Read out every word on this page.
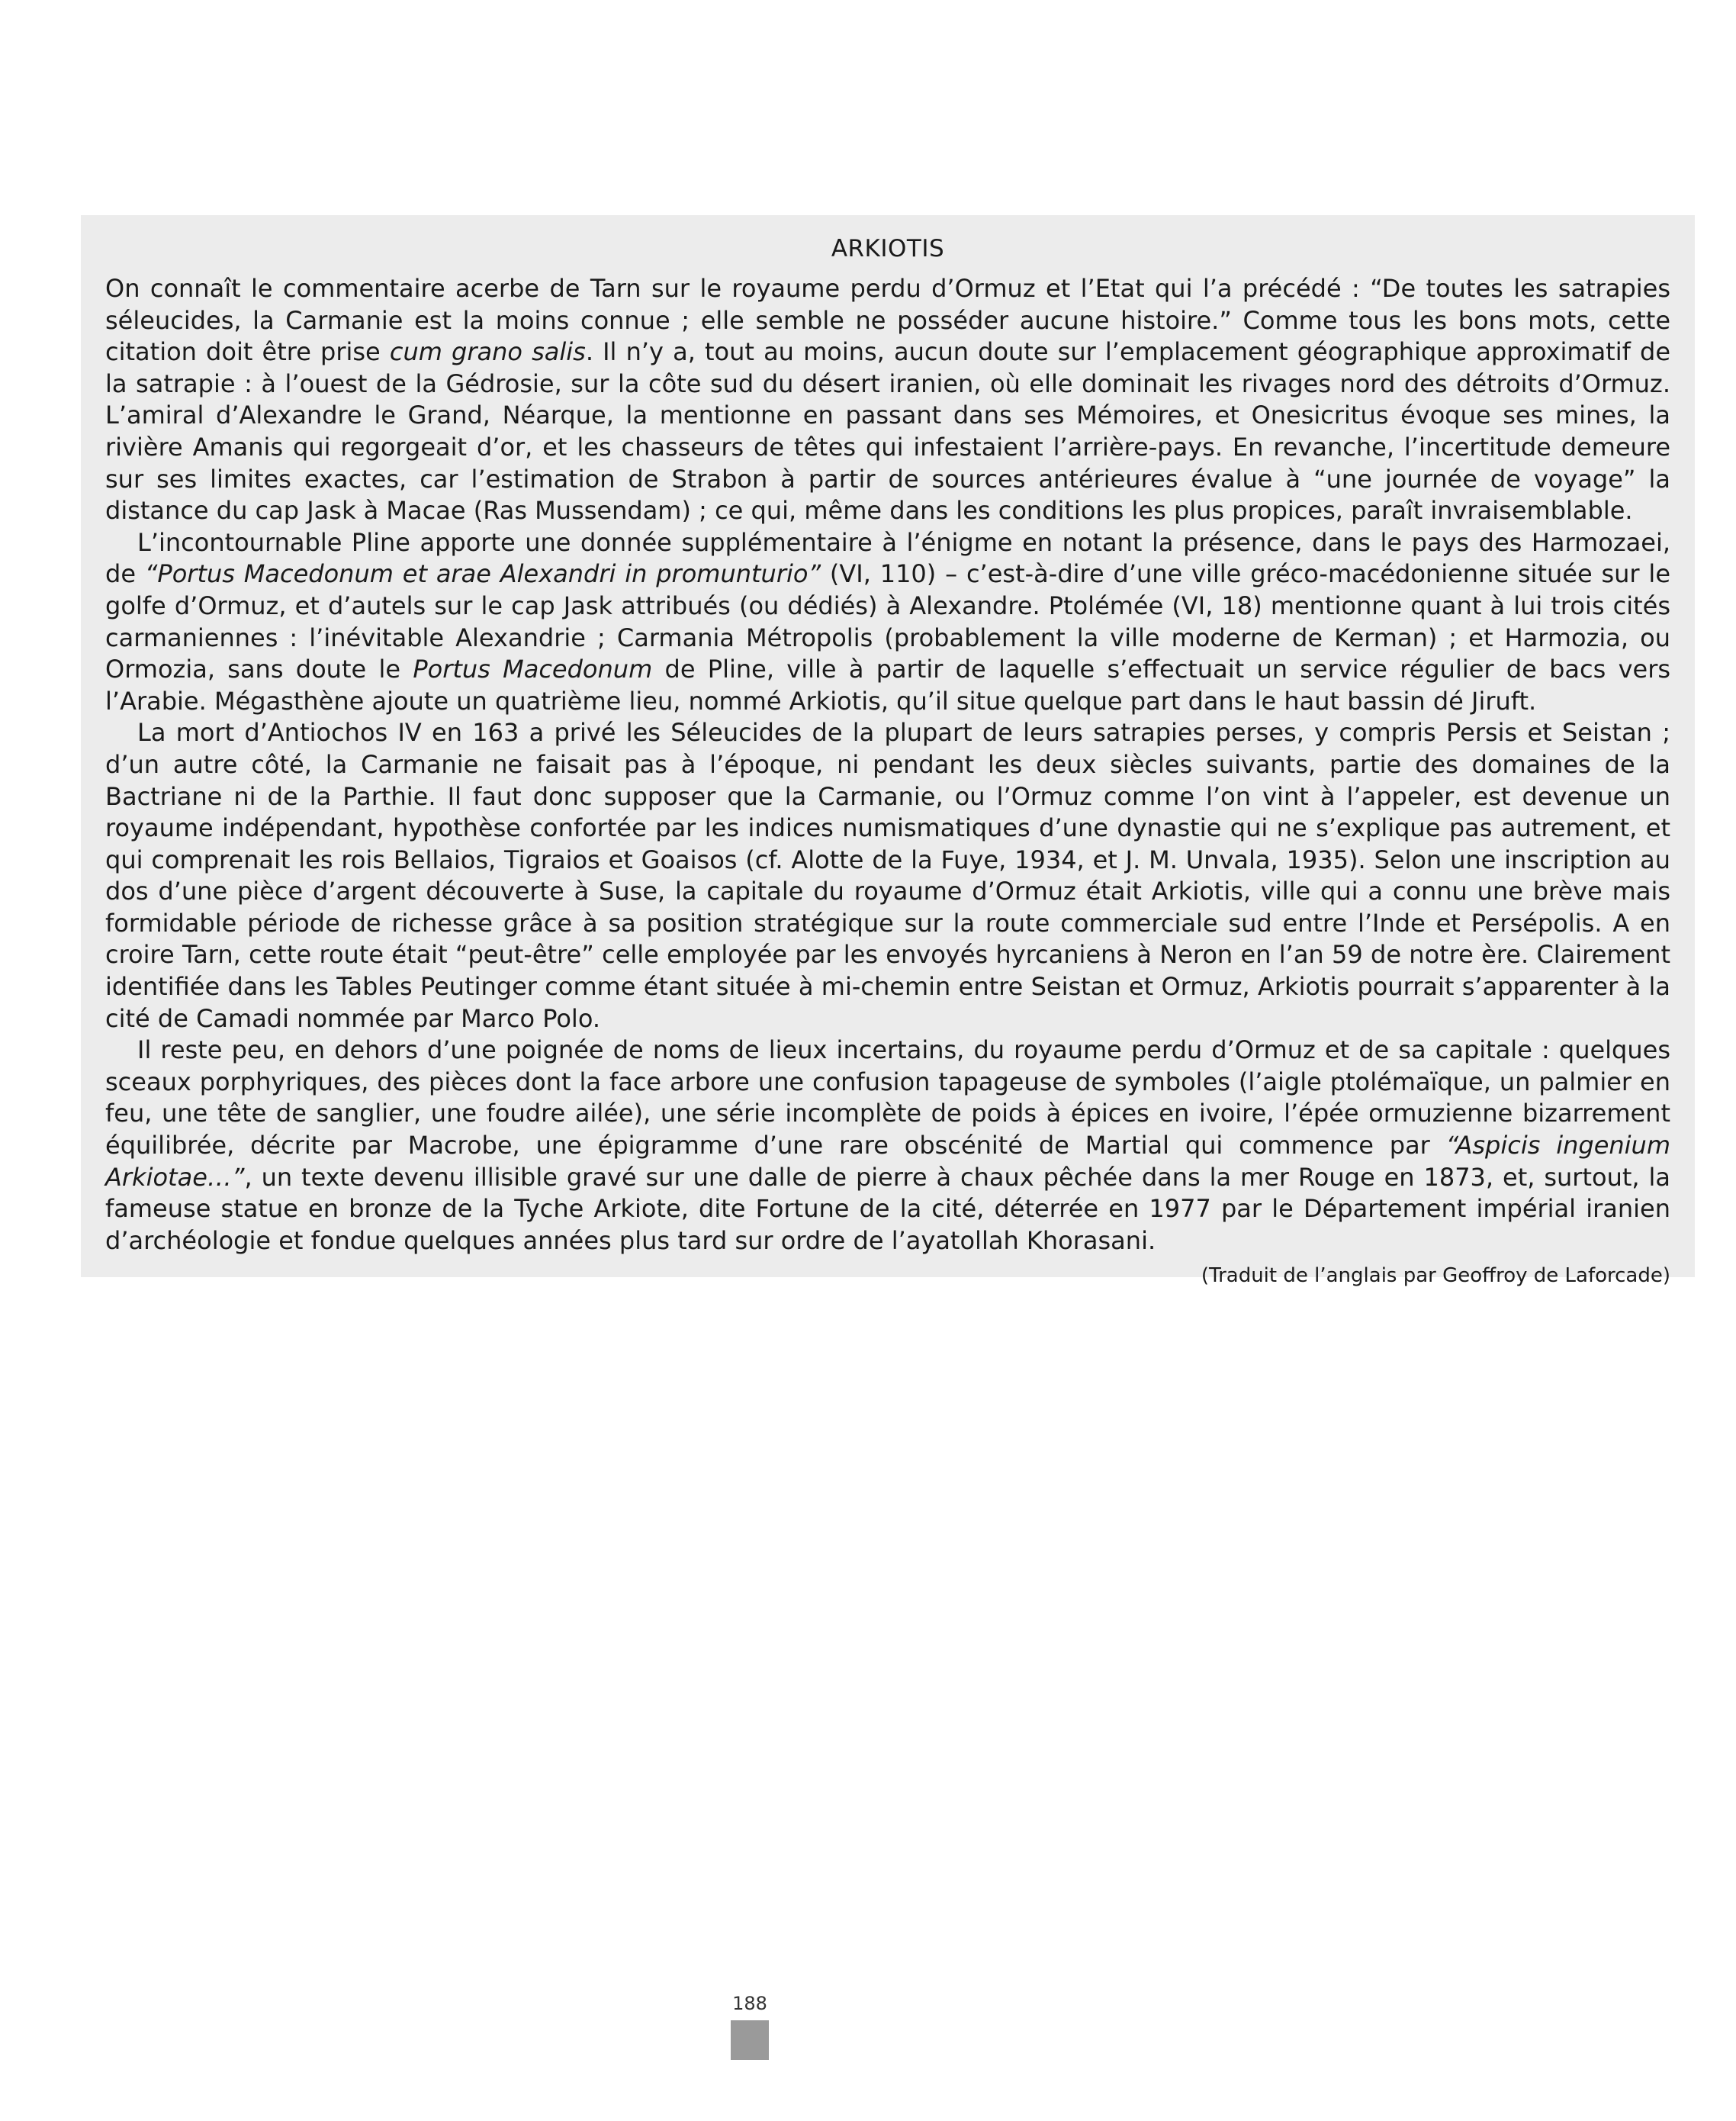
ARKIOTIS

On connaît le commentaire acerbe de Tarn sur le royaume perdu d’Ormuz et l’Etat qui l’a précédé : “De toutes les satrapies séleucides, la Carmanie est la moins connue ; elle semble ne posséder aucune histoire.” Comme tous les bons mots, cette citation doit être prise cum grano salis. Il n’y a, tout au moins, aucun doute sur l’emplacement géographique approximatif de la satrapie : à l’ouest de la Gédrosie, sur la côte sud du désert iranien, où elle dominait les rivages nord des détroits d’Ormuz. L’amiral d’Alexandre le Grand, Néarque, la mentionne en passant dans ses Mémoires, et Onesicritus évoque ses mines, la rivière Amanis qui regorgeait d’or, et les chasseurs de têtes qui infestaient l’arrière-pays. En revanche, l’incertitude demeure sur ses limites exactes, car l’estimation de Strabon à partir de sources antérieures évalue à “une journée de voyage” la distance du cap Jask à Macae (Ras Mussendam) ; ce qui, même dans les conditions les plus propices, paraît invraisemblable.

L’incontournable Pline apporte une donnée supplémentaire à l’énigme en notant la présence, dans le pays des Harmozaei, de “Portus Macedonum et arae Alexandri in promunturio” (VI, 110) – c’est-à-dire d’une ville gréco-macédonienne située sur le golfe d’Ormuz, et d’autels sur le cap Jask attribués (ou dédiés) à Alexandre. Ptolémée (VI, 18) mentionne quant à lui trois cités carmaniennes : l’inévitable Alexandrie ; Carmania Métropolis (probablement la ville moderne de Kerman) ; et Harmozia, ou Ormozia, sans doute le Portus Macedonum de Pline, ville à partir de laquelle s’effectuait un service régulier de bacs vers l’Arabie. Mégasthène ajoute un quatrième lieu, nommé Arkiotis, qu’il situe quelque part dans le haut bassin dé Jiruft.

La mort d’Antiochos IV en 163 a privé les Séleucides de la plupart de leurs satrapies perses, y compris Persis et Seistan ; d’un autre côté, la Carmanie ne faisait pas à l’époque, ni pendant les deux siècles suivants, partie des domaines de la Bactriane ni de la Parthie. Il faut donc supposer que la Carmanie, ou l’Ormuz comme l’on vint à l’appeler, est devenue un royaume indépendant, hypothèse confortée par les indices numismatiques d’une dynastie qui ne s’explique pas autrement, et qui comprenait les rois Bellaios, Tigraios et Goaisos (cf. Alotte de la Fuye, 1934, et J. M. Unvala, 1935). Selon une inscription au dos d’une pièce d’argent découverte à Suse, la capitale du royaume d’Ormuz était Arkiotis, ville qui a connu une brève mais formidable période de richesse grâce à sa position stratégique sur la route commerciale sud entre l’Inde et Persépolis. A en croire Tarn, cette route était “peut-être” celle employée par les envoyés hyrcaniens à Neron en l’an 59 de notre ère. Clairement identifiée dans les Tables Peutinger comme étant située à mi-chemin entre Seistan et Ormuz, Arkiotis pourrait s’apparenter à la cité de Camadi nommée par Marco Polo.

Il reste peu, en dehors d’une poignée de noms de lieux incertains, du royaume perdu d’Ormuz et de sa capitale : quelques sceaux porphyriques, des pièces dont la face arbore une confusion tapageuse de symboles (l’aigle ptolémaïque, un palmier en feu, une tête de sanglier, une foudre ailée), une série incomplète de poids à épices en ivoire, l’épée ormuzienne bizarrement équilibrée, décrite par Macrobe, une épigramme d’une rare obscénité de Martial qui commence par “Aspicis ingenium Arkiotae…”, un texte devenu illisible gravé sur une dalle de pierre à chaux pêchée dans la mer Rouge en 1873, et, surtout, la fameuse statue en bronze de la Tyche Arkiote, dite Fortune de la cité, déterrée en 1977 par le Département impérial iranien d’archéologie et fondue quelques années plus tard sur ordre de l’ayatollah Khorasani.

(Traduit de l’anglais par Geoffroy de Laforcade)

188
